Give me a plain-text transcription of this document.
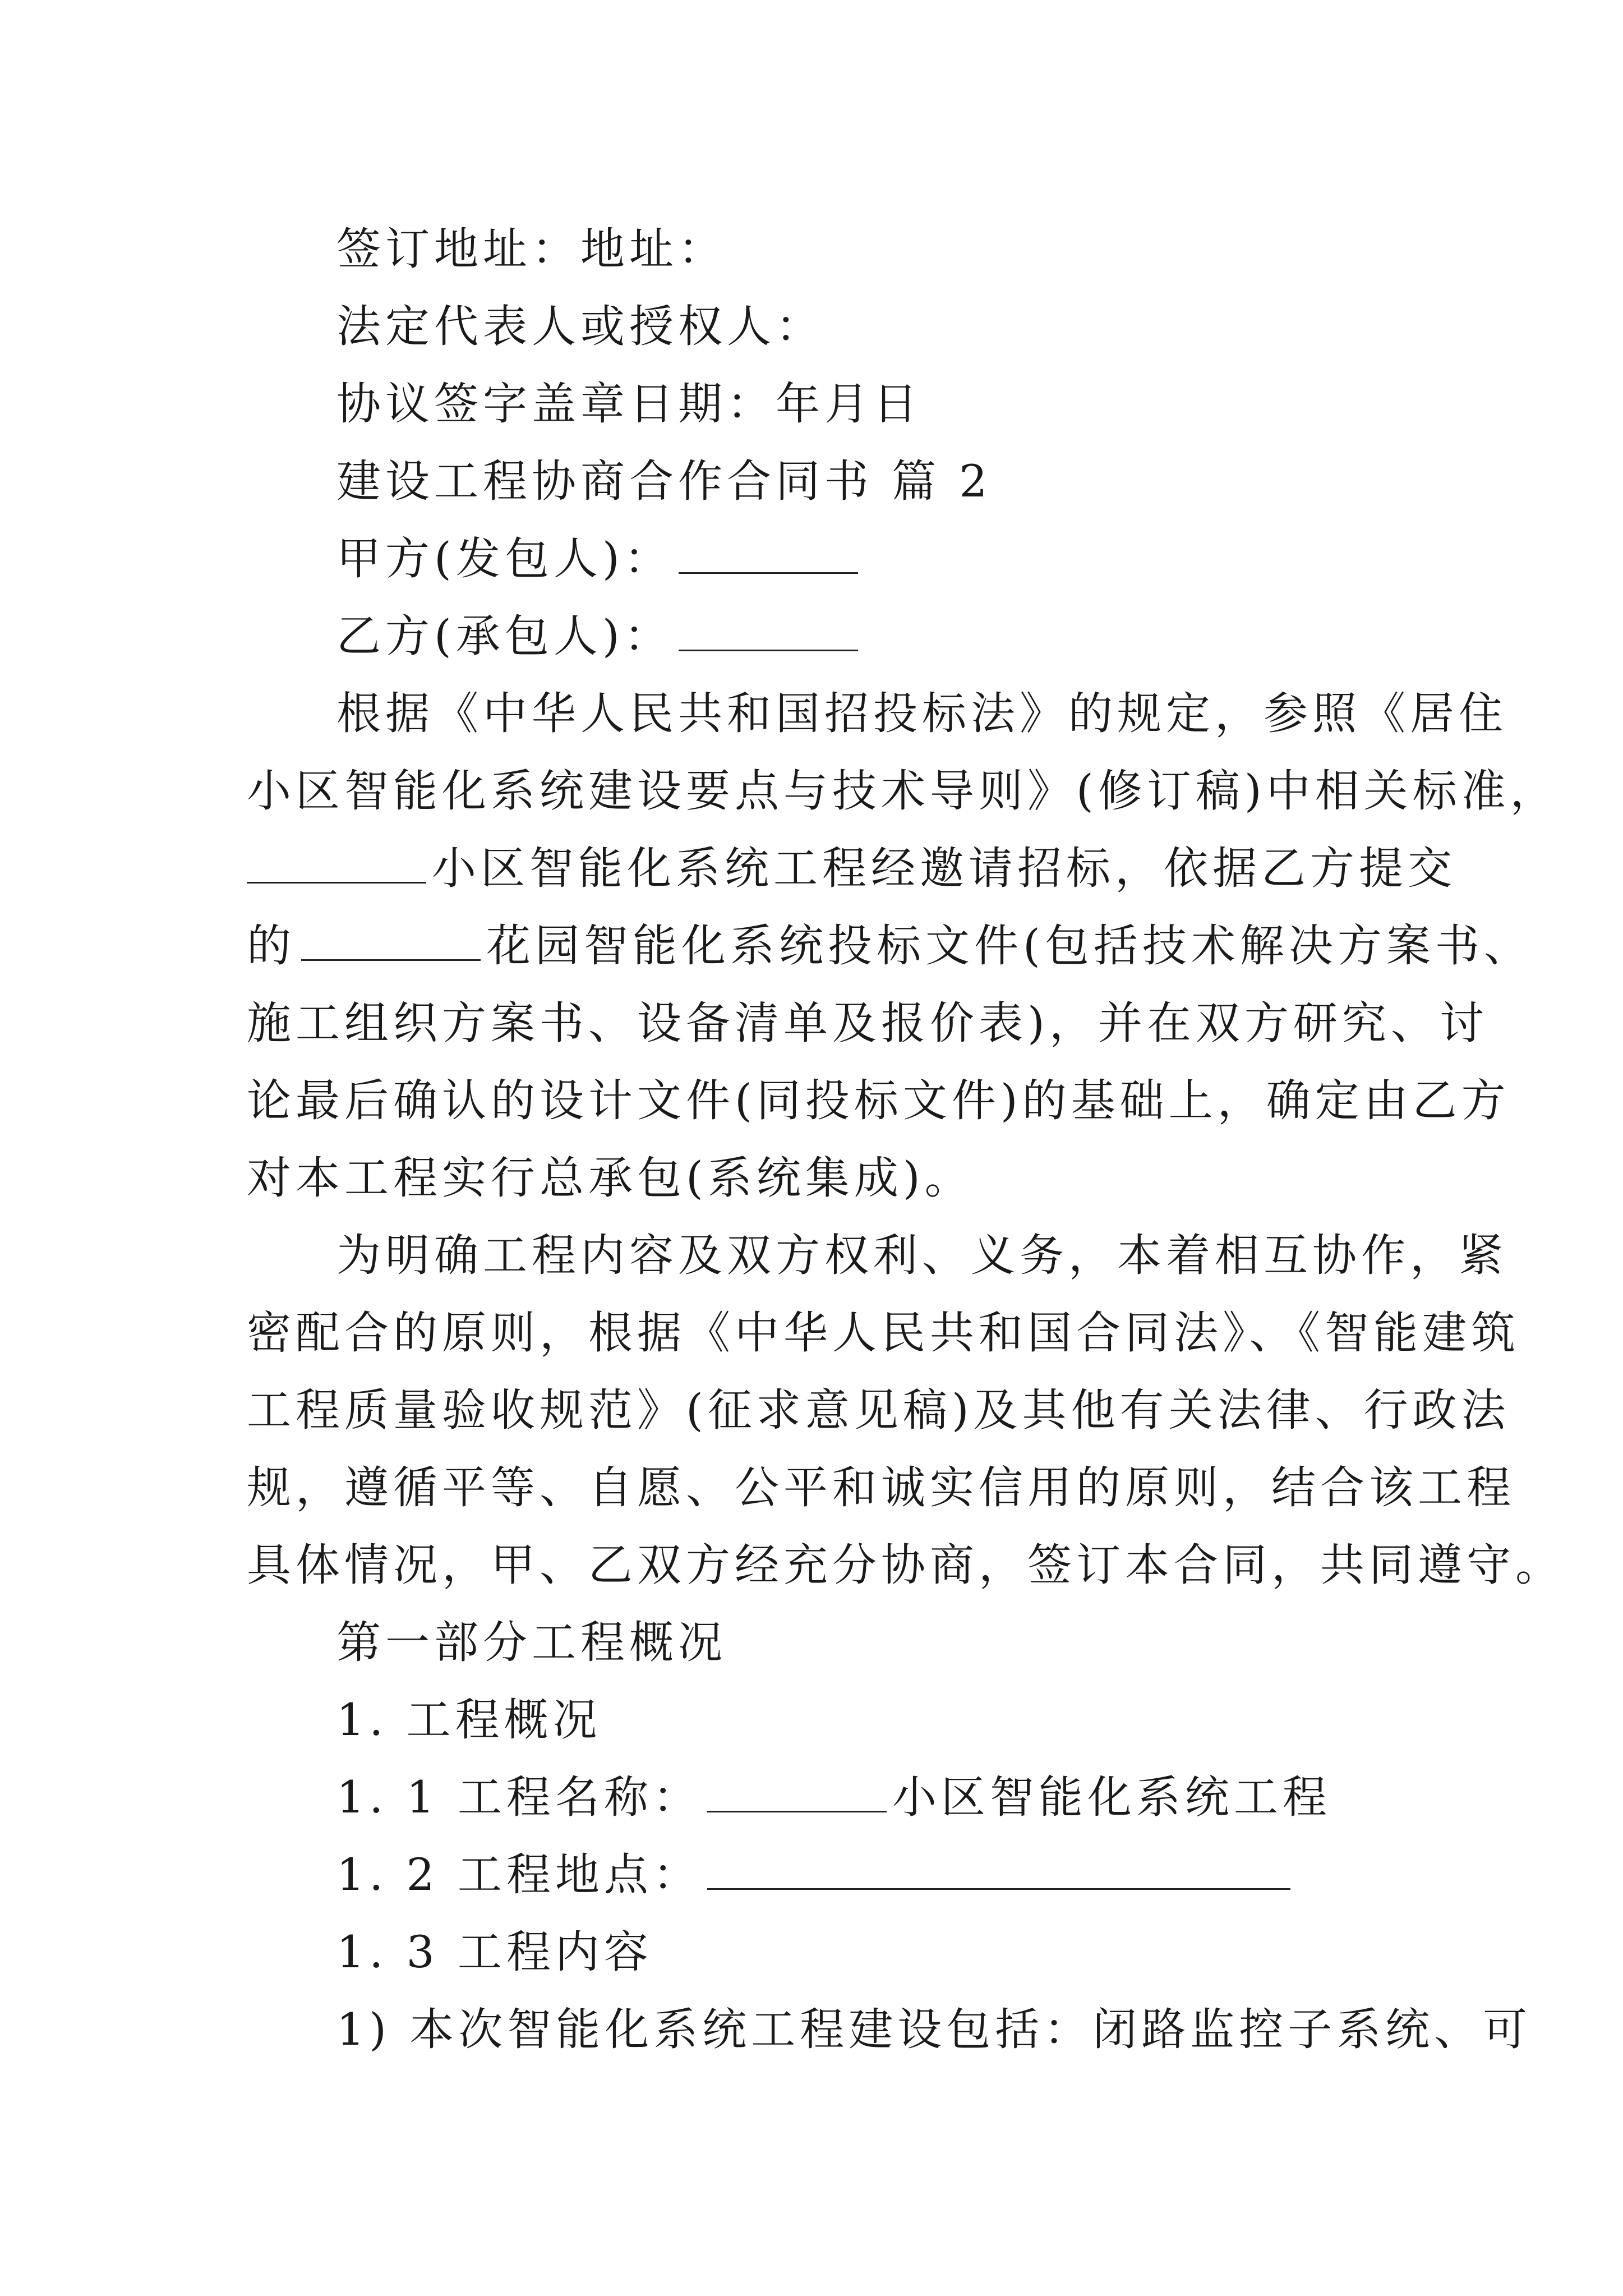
签订地址：地址：
法定代表人或授权人：
协议签字盖章日期：年月日
建设工程协商合作合同书 篇 2
甲方(发包人)：
乙方(承包人)：
根据《中华人民共和国招投标法》的规定，参照《居住
小区智能化系统建设要点与技术导则》(修订稿)中相关标准，
小区智能化系统工程经邀请招标，依据乙方提交
的	花园智能化系统投标文件(包括技术解决方案书、
施工组织方案书、设备清单及报价表)，并在双方研究、讨
论最后确认的设计文件(同投标文件)的基础上，确定由乙方
对本工程实行总承包(系统集成)。
为明确工程内容及双方权利、义务，本着相互协作，紧
密配合的原则，根据《中华人民共和国合同法》、《智能建筑
工程质量验收规范》(征求意见稿)及其他有关法律、行政法
规，遵循平等、自愿、公平和诚实信用的原则，结合该工程
具体情况，甲、乙双方经充分协商，签订本合同，共同遵守。
第一部分工程概况
1. 工程概况
1. 1 工程名称：	小区智能化系统工程
1. 2 工程地点：
1. 3 工程内容
1) 本次智能化系统工程建设包括：闭路监控子系统、可
